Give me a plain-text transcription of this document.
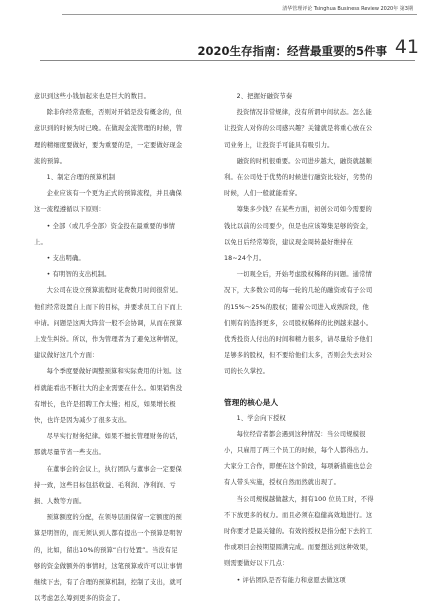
清华管理评论 Tsinghua Business Review 2020年 第3期
2020生存指南：经营最重要的5件事 41

意识到这些小钱加起来也是巨大的数目。

除非你经常查账，否则对开销是没有概念的，但意识到的时候为时已晚。在做现金流管理的时候，管理的精细度要做好，要为重要的是，一定要做好现金流的预算。

1、制定合理的预算机制

企业应该有一个更为正式的预算流程，并且确保这一流程遵循以下原则：

• 全部（或几乎全部）资金投在最重要的事情上。

• 支出明确。

• 有明智的支出机制。

大公司在设立预算流程时花费数月时间很常见。他们经常设置自上而下的目标，并要求员工自下而上申请。问题是这两大阵营一般不会协调，从而在预算上发生纠纷。所以，作为管理者为了避免这种情况，建议做好这几个方面：

每个季度要做好调整预算和实际费用的计划。这样就能看出不断壮大的企业需要在什么。如果销售没有增长，也许是招聘工作太慢；相反，如果增长极快，也许是因为减少了很多支出。

尽早实行财务纪律。如果不擅长管理财务的话，那就尽量节省一些支出。

在董事会的会议上，执行团队与董事会一定要保持一致，这些目标包括收益、毛利润、净利润、亏损、人数等方面。

预算额度的分配，在领导层面保留一定额度的预算是明智的，而无须认到人都有提出一个预算是明智的，比如，留出10%的预算“自行处置”。当没有足够的资金做额外的事情时，这笔预算或许可以让事情继续下去，有了合理的预算机制，控制了支出，就可以考虑怎么筹到更多的资金了。

2、把握好融资节奏

投资情况非常规律，没有所谓中间状态。怎么能让投资人对你的公司感兴趣？关键就是将重心放在公司业务上，让投资手可能具有吸引力。

融资的时机很重要。公司进步越大，融资就越顺利。在公司处于优势的时候进行融资比较好，劣势的时候，人们一般就能看穿。

筹集多少钱？在某些方面，初创公司如今需要的钱比以前的公司要少，但是也应该筹集足够的资金，以免日后经常筹资，建议现金周转最好维持在 18~24个月。

一切观全后，开始考虑股权稀释的问题。通常情况下，大多数公司的每一轮的几轮的融资或有子公司的15%～25%的股权；随着公司进入成熟阶段，他们则有的选择更多，公司股权稀释的比例越来越小。优秀投资人付出的时间和精力很多，请尽量给予他们足够多的股权，但不要给他们太多，否则会失去对公司的长久掌控。

管理的核心是人

1、学会向下授权

每位经营者都会遇到这种情况：当公司规模很小，只雇用了两三个员工的时候，每个人都得出力。大家分工合作，即便在这个阶段，每项新措施也总会有人带头实施，授权自然而然就出现了。

当公司规模越做越大，拥有100 位员工时，不得不下放更多的权力。而且必须在稳健高效地进行。这时你要才是最关键的。有效的授权是指分配下去的工作或项目会按期望圆满完成。而要想达到这种效果，则需要做好以下几点：

• 评估团队是否有能力和意愿去做这项
